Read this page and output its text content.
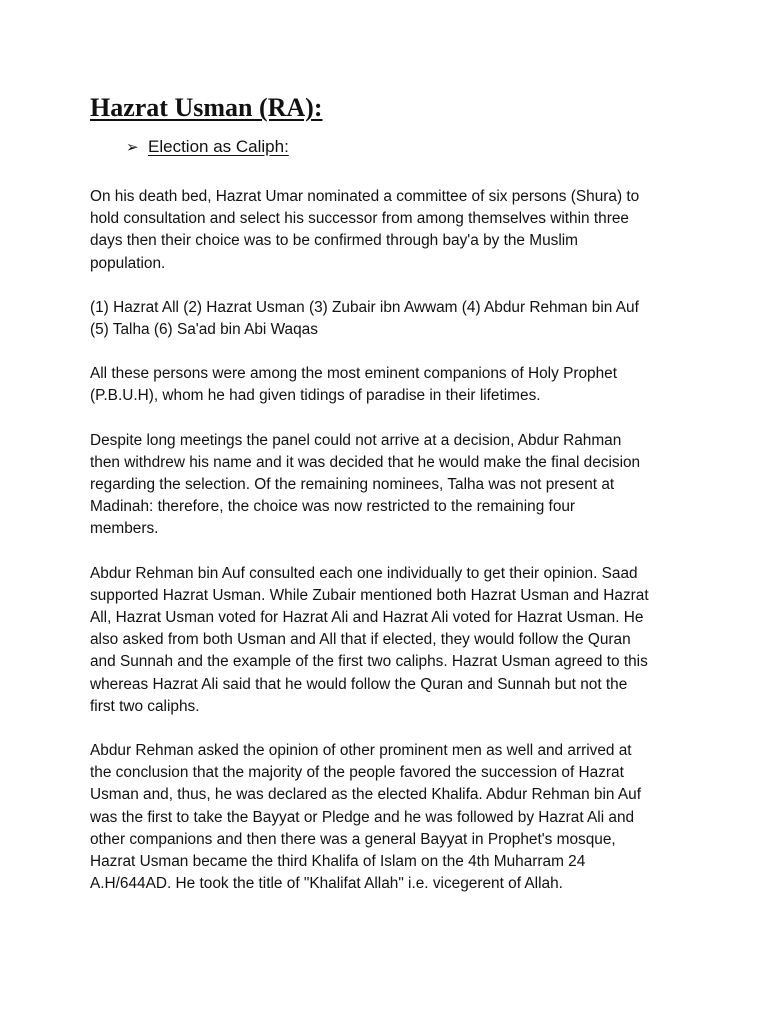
Hazrat Usman (RA):
➢ Election as Caliph:

On his death bed, Hazrat Umar nominated a committee of six persons (Shura) to
hold consultation and select his successor from among themselves within three
days then their choice was to be confirmed through bay'a by the Muslim
population.

(1) Hazrat All (2) Hazrat Usman (3) Zubair ibn Awwam (4) Abdur Rehman bin Auf
(5) Talha (6) Sa'ad bin Abi Waqas

All these persons were among the most eminent companions of Holy Prophet
(P.B.U.H), whom he had given tidings of paradise in their lifetimes.

Despite long meetings the panel could not arrive at a decision, Abdur Rahman
then withdrew his name and it was decided that he would make the final decision
regarding the selection. Of the remaining nominees, Talha was not present at
Madinah: therefore, the choice was now restricted to the remaining four
members.

Abdur Rehman bin Auf consulted each one individually to get their opinion. Saad
supported Hazrat Usman. While Zubair mentioned both Hazrat Usman and Hazrat
All, Hazrat Usman voted for Hazrat Ali and Hazrat Ali voted for Hazrat Usman. He
also asked from both Usman and All that if elected, they would follow the Quran
and Sunnah and the example of the first two caliphs. Hazrat Usman agreed to this
whereas Hazrat Ali said that he would follow the Quran and Sunnah but not the
first two caliphs.

Abdur Rehman asked the opinion of other prominent men as well and arrived at
the conclusion that the majority of the people favored the succession of Hazrat
Usman and, thus, he was declared as the elected Khalifa. Abdur Rehman bin Auf
was the first to take the Bayyat or Pledge and he was followed by Hazrat Ali and
other companions and then there was a general Bayyat in Prophet's mosque,
Hazrat Usman became the third Khalifa of Islam on the 4th Muharram 24
A.H/644AD. He took the title of "Khalifat Allah" i.e. vicegerent of Allah.
